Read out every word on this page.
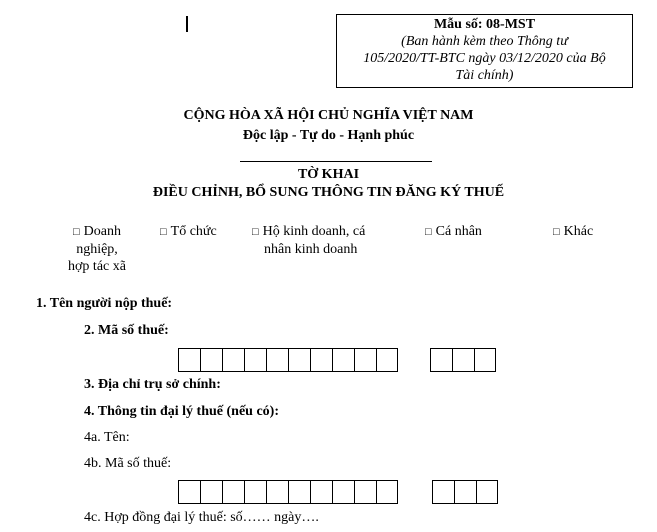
Mẫu số: 08-MST
(Ban hành kèm theo Thông tư
105/2020/TT-BTC ngày 03/12/2020 của Bộ
Tài chính)
CỘNG HÒA XÃ HỘI CHỦ NGHĨA VIỆT NAM
Độc lập - Tự do - Hạnh phúc
TỜ KHAI
ĐIỀU CHỈNH, BỔ SUNG THÔNG TIN ĐĂNG KÝ THUẾ
□ Doanh
nghiệp,
hợp tác xã
□ Tổ chức	□ Hộ kinh doanh, cá
nhân kinh doanh
□ Cá nhân	□ Khác
1. Tên người nộp thuế:
2. Mã số thuế:
3. Địa chỉ trụ sở chính:
4. Thông tin đại lý thuế (nếu có):
4a. Tên:
4b. Mã số thuế:
4c. Hợp đồng đại lý thuế: số…… ngày….
